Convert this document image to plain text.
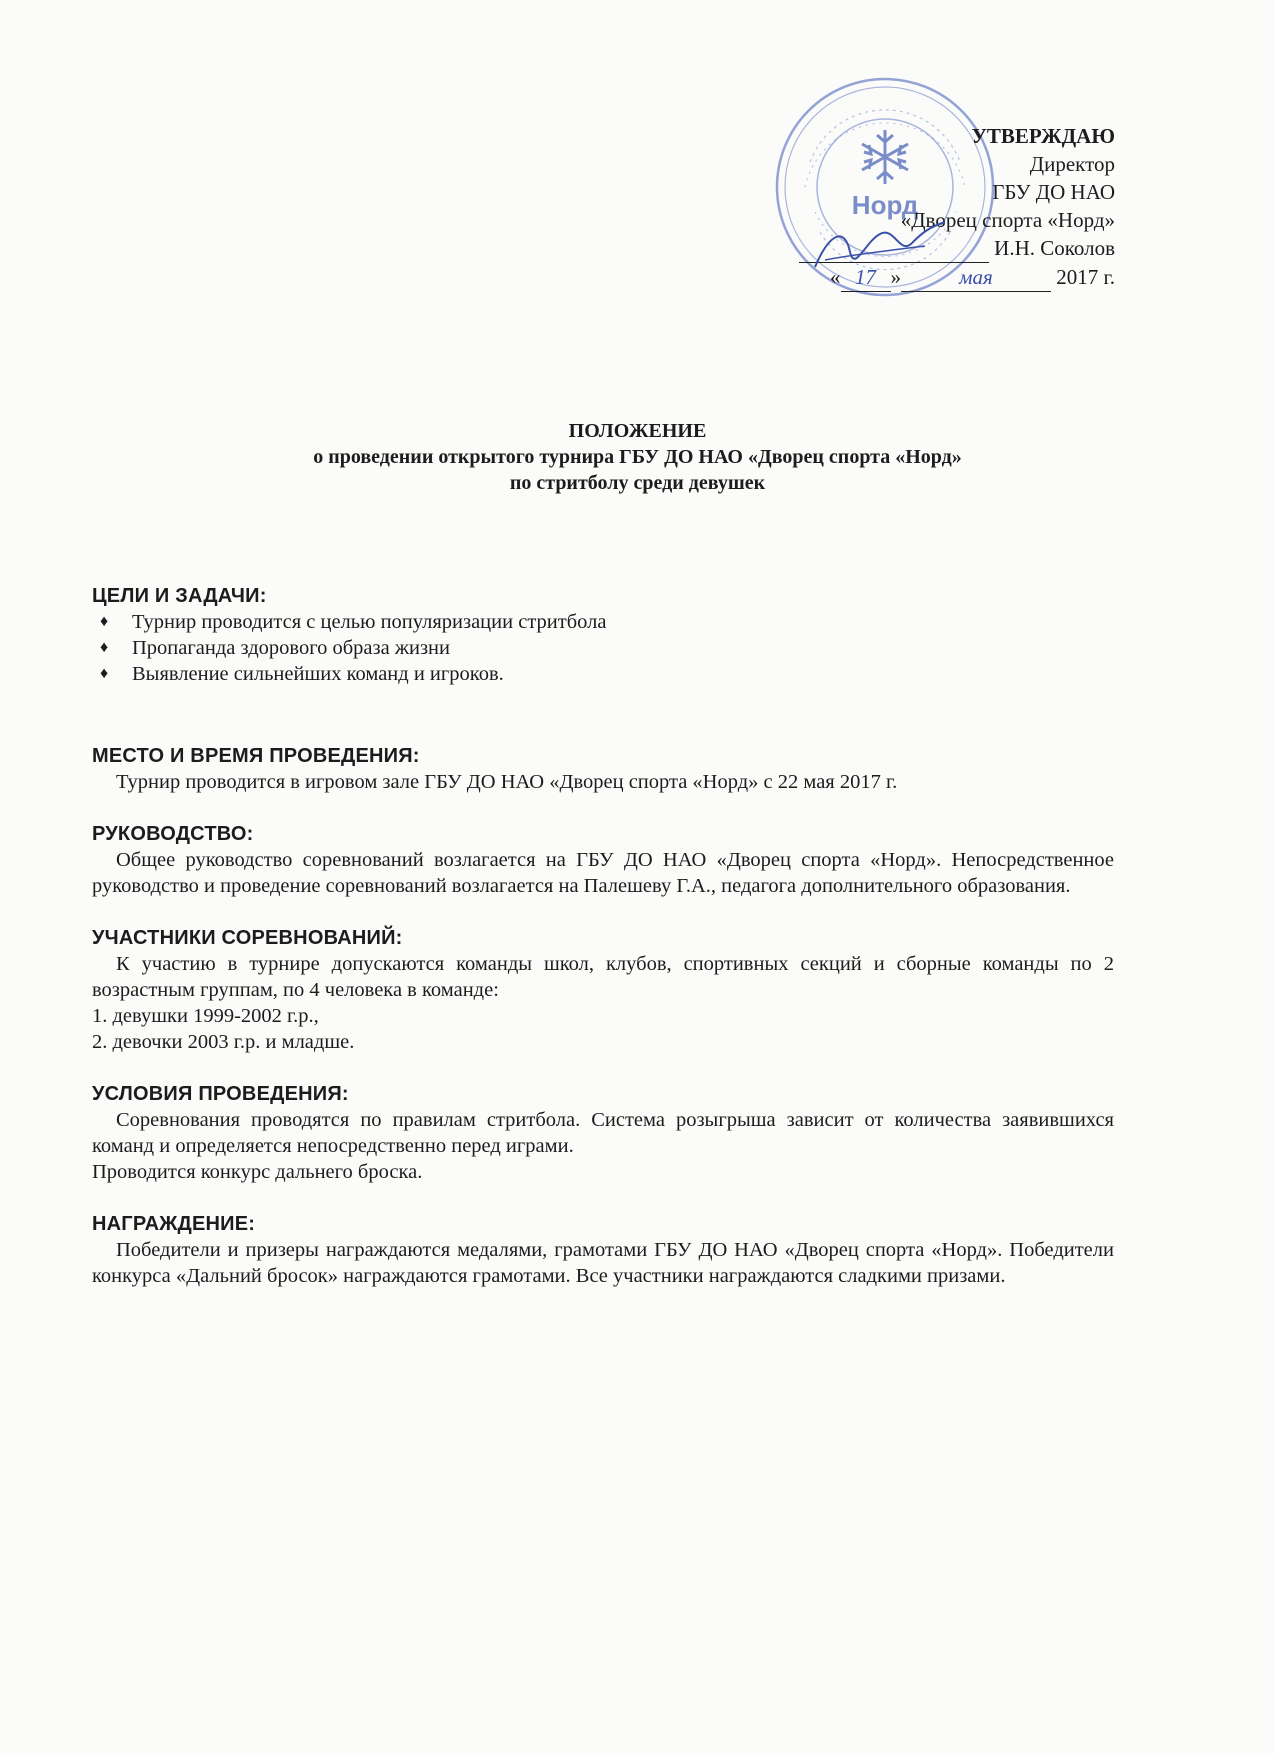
Норд
УТВЕРЖДАЮ
Директор
ГБУ ДО НАО
«Дворец спорта «Норд»
И.Н. Соколов
« 17 »	мая	2017 г.
ПОЛОЖЕНИЕ
о проведении открытого турнира ГБУ ДО НАО «Дворец спорта «Норд»
по стритболу среди девушек
ЦЕЛИ И ЗАДАЧИ:
♦ Турнир проводится с целью популяризации стритбола
♦ Пропаганда здорового образа жизни
♦ Выявление сильнейших команд и игроков.
МЕСТО И ВРЕМЯ ПРОВЕДЕНИЯ:
Турнир проводится в игровом зале ГБУ ДО НАО «Дворец спорта «Норд» с 22 мая 2017 г.
РУКОВОДСТВО:
Общее руководство соревнований возлагается на ГБУ ДО НАО «Дворец спорта «Норд». Непосредственное руководство и проведение соревнований возлагается на Палешеву Г.А., педагога дополнительного образования.
УЧАСТНИКИ СОРЕВНОВАНИЙ:
К участию в турнире допускаются команды школ, клубов, спортивных секций и сборные команды по 2 возрастным группам, по 4 человека в команде:
1. девушки 1999-2002 г.р.,
2. девочки 2003 г.р. и младше.
УСЛОВИЯ ПРОВЕДЕНИЯ:
Соревнования проводятся по правилам стритбола. Система розыгрыша зависит от количества заявившихся команд и определяется непосредственно перед играми.
Проводится конкурс дальнего броска.
НАГРАЖДЕНИЕ:
Победители и призеры награждаются медалями, грамотами ГБУ ДО НАО «Дворец спорта «Норд». Победители конкурса «Дальний бросок» награждаются грамотами. Все участники награждаются сладкими призами.
